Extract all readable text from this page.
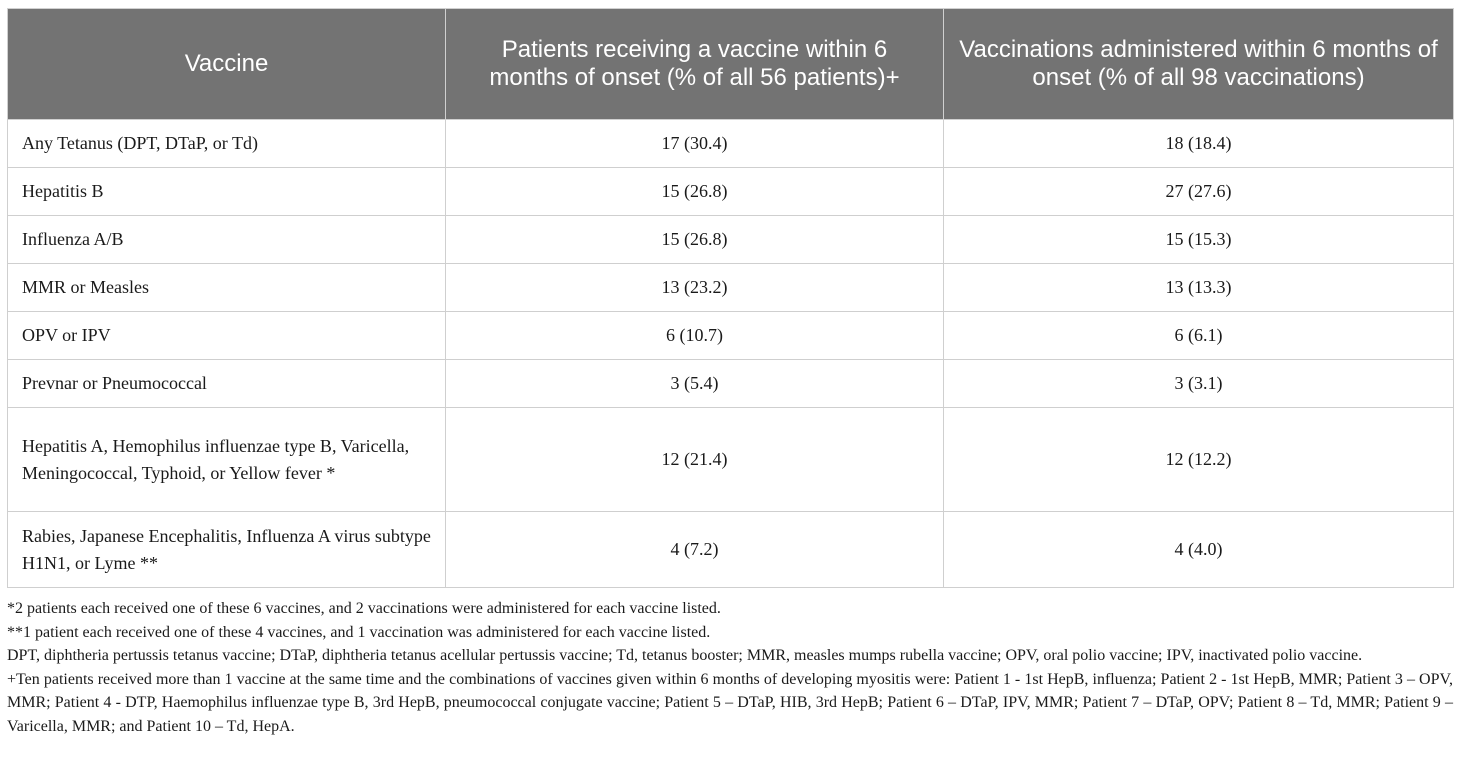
Vaccine	Patients receiving a vaccine within 6 months of onset (% of all 56 patients)+	Vaccinations administered within 6 months of onset (% of all 98 vaccinations)
Any Tetanus (DPT, DTaP, or Td)	17 (30.4)	18 (18.4)
Hepatitis B	15 (26.8)	27 (27.6)
Influenza A/B	15 (26.8)	15 (15.3)
MMR or Measles	13 (23.2)	13 (13.3)
OPV or IPV	6 (10.7)	6 (6.1)
Prevnar or Pneumococcal	3 (5.4)	3 (3.1)
Hepatitis A, Hemophilus influenzae type B, Varicella, Meningococcal, Typhoid, or Yellow fever *	12 (21.4)	12 (12.2)
Rabies, Japanese Encephalitis, Influenza A virus subtype H1N1, or Lyme **	4 (7.2)	4 (4.0)

*2 patients each received one of these 6 vaccines, and 2 vaccinations were administered for each vaccine listed.

**1 patient each received one of these 4 vaccines, and 1 vaccination was administered for each vaccine listed.

DPT, diphtheria pertussis tetanus vaccine; DTaP, diphtheria tetanus acellular pertussis vaccine; Td, tetanus booster; MMR, measles mumps rubella vaccine; OPV, oral polio vaccine; IPV, inactivated polio vaccine.

+Ten patients received more than 1 vaccine at the same time and the combinations of vaccines given within 6 months of developing myositis were: Patient 1 - 1st HepB, influenza; Patient 2 - 1st HepB, MMR; Patient 3 – OPV, MMR; Patient 4 - DTP, Haemophilus influenzae type B, 3rd HepB, pneumococcal conjugate vaccine; Patient 5 – DTaP, HIB, 3rd HepB; Patient 6 – DTaP, IPV, MMR; Patient 7 – DTaP, OPV; Patient 8 – Td, MMR; Patient 9 – Varicella, MMR; and Patient 10 – Td, HepA.
